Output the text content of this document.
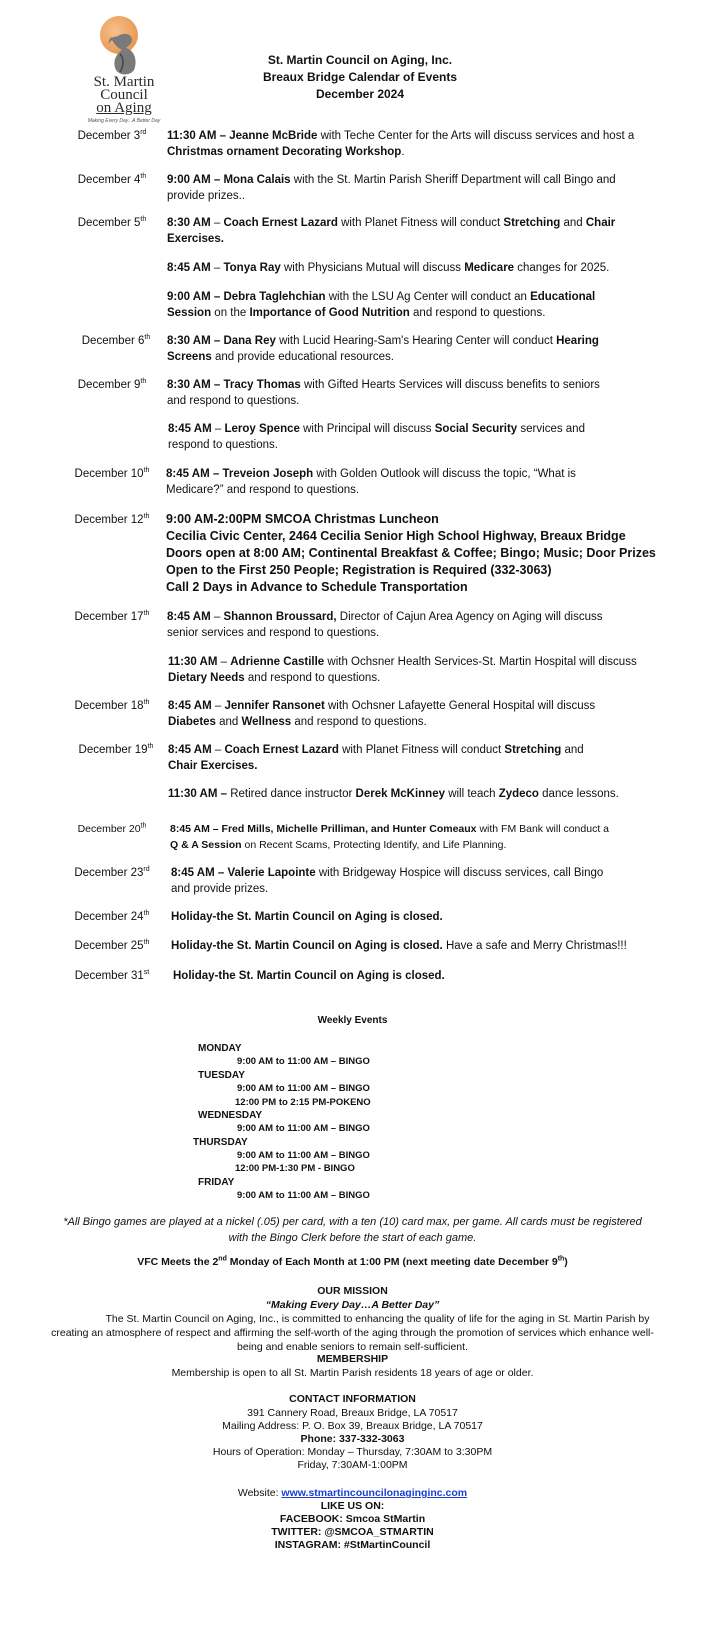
St. Martin
Council
on Aging
Making Every Day...A Better Day
St. Martin Council on Aging, Inc.
Breaux Bridge Calendar of Events
December 2024
December 3rd	11:30 AM – Jeanne McBride with Teche Center for the Arts will discuss services and host a Christmas ornament Decorating Workshop.
December 4th	9:00 AM – Mona Calais with the St. Martin Parish Sheriff Department will call Bingo and provide prizes..
December 5th	8:30 AM – Coach Ernest Lazard with Planet Fitness will conduct Stretching and Chair Exercises.
8:45 AM – Tonya Ray with Physicians Mutual will discuss Medicare changes for 2025.
9:00 AM – Debra Taglehchian with the LSU Ag Center will conduct an Educational Session on the Importance of Good Nutrition and respond to questions.
December 6th	8:30 AM – Dana Rey with Lucid Hearing-Sam's Hearing Center will conduct Hearing Screens and provide educational resources.
December 9th	8:30 AM – Tracy Thomas with Gifted Hearts Services will discuss benefits to seniors and respond to questions.
8:45 AM – Leroy Spence with Principal will discuss Social Security services and respond to questions.
December 10th	8:45 AM – Treveion Joseph with Golden Outlook will discuss the topic, “What is Medicare?” and respond to questions.
December 12th	9:00 AM-2:00PM SMCOA Christmas Luncheon
Cecilia Civic Center, 2464 Cecilia Senior High School Highway, Breaux Bridge
Doors open at 8:00 AM; Continental Breakfast & Coffee; Bingo; Music; Door Prizes
Open to the First 250 People; Registration is Required (332-3063)
Call 2 Days in Advance to Schedule Transportation
December 17th	8:45 AM – Shannon Broussard, Director of Cajun Area Agency on Aging will discuss senior services and respond to questions.
11:30 AM – Adrienne Castille with Ochsner Health Services-St. Martin Hospital will discuss Dietary Needs and respond to questions.
December 18th	8:45 AM – Jennifer Ransonet with Ochsner Lafayette General Hospital will discuss Diabetes and Wellness and respond to questions.
December 19th	8:45 AM – Coach Ernest Lazard with Planet Fitness will conduct Stretching and Chair Exercises.
11:30 AM – Retired dance instructor Derek McKinney will teach Zydeco dance lessons.
December 20th	8:45 AM – Fred Mills, Michelle Prilliman, and Hunter Comeaux with FM Bank will conduct a Q & A Session on Recent Scams, Protecting Identify, and Life Planning.
December 23rd	8:45 AM – Valerie Lapointe with Bridgeway Hospice will discuss services, call Bingo and provide prizes.
December 24th	Holiday-the St. Martin Council on Aging is closed.
December 25th	Holiday-the St. Martin Council on Aging is closed. Have a safe and Merry Christmas!!!
December 31st	Holiday-the St. Martin Council on Aging is closed.
Weekly Events
MONDAY
9:00 AM to 11:00 AM – BINGO
TUESDAY
9:00 AM to 11:00 AM – BINGO
12:00 PM to 2:15 PM-POKENO
WEDNESDAY
9:00 AM to 11:00 AM – BINGO
THURSDAY
9:00 AM to 11:00 AM – BINGO
12:00 PM-1:30 PM - BINGO
FRIDAY
9:00 AM to 11:00 AM – BINGO
*All Bingo games are played at a nickel (.05) per card, with a ten (10) card max, per game. All cards must be registered with the Bingo Clerk before the start of each game.
VFC Meets the 2nd Monday of Each Month at 1:00 PM (next meeting date December 9th)
OUR MISSION
“Making Every Day…A Better Day”
The St. Martin Council on Aging, Inc., is committed to enhancing the quality of life for the aging in St. Martin Parish by creating an atmosphere of respect and affirming the self-worth of the aging through the promotion of services which enhance well-being and enable seniors to remain self-sufficient.
MEMBERSHIP
Membership is open to all St. Martin Parish residents 18 years of age or older.
CONTACT INFORMATION
391 Cannery Road, Breaux Bridge, LA 70517
Mailing Address: P. O. Box 39, Breaux Bridge, LA 70517
Phone: 337-332-3063
Hours of Operation: Monday – Thursday, 7:30AM to 3:30PM
Friday, 7:30AM-1:00PM
Website: www.stmartincouncilonaginginc.com
LIKE US ON:
FACEBOOK: Smcoa StMartin
TWITTER: @SMCOA_STMARTIN
INSTAGRAM: #StMartinCouncil
